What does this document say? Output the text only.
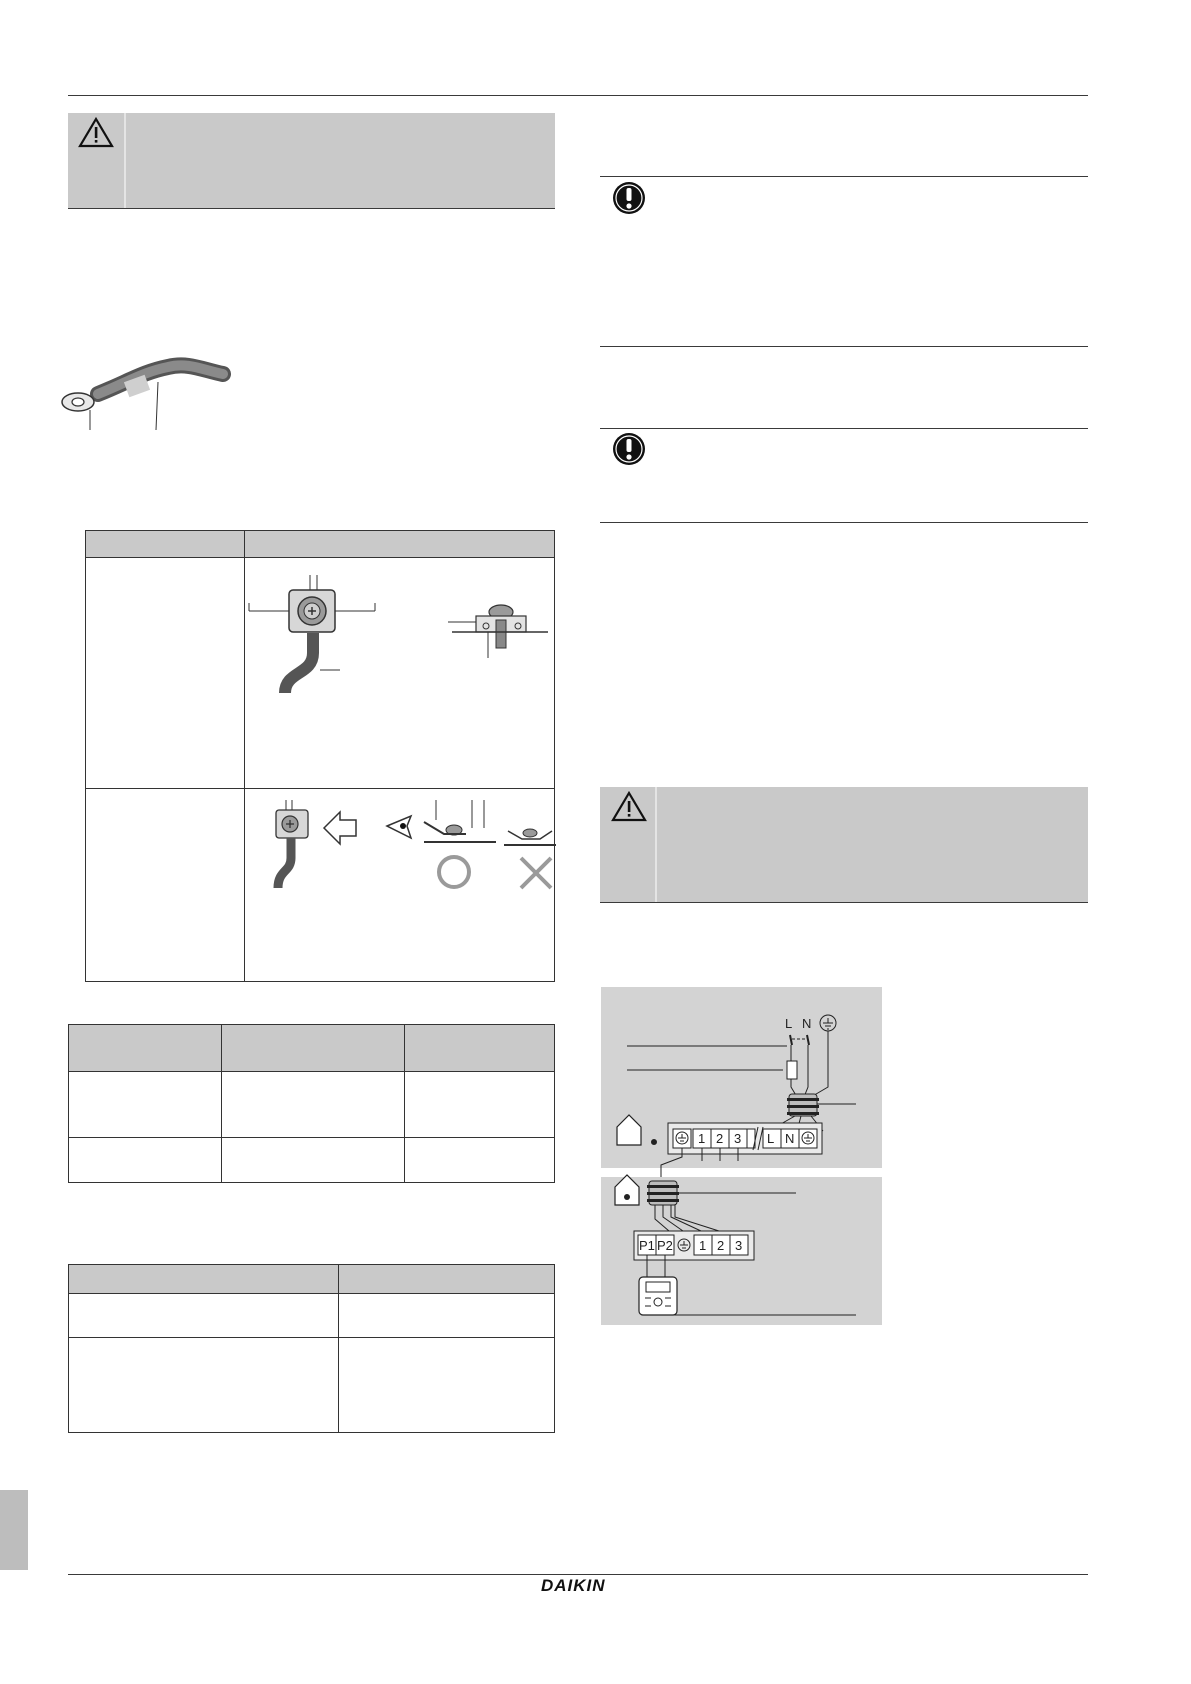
L N
1 2 3 L N
P1 P2 1 2 3
DAIKIN
